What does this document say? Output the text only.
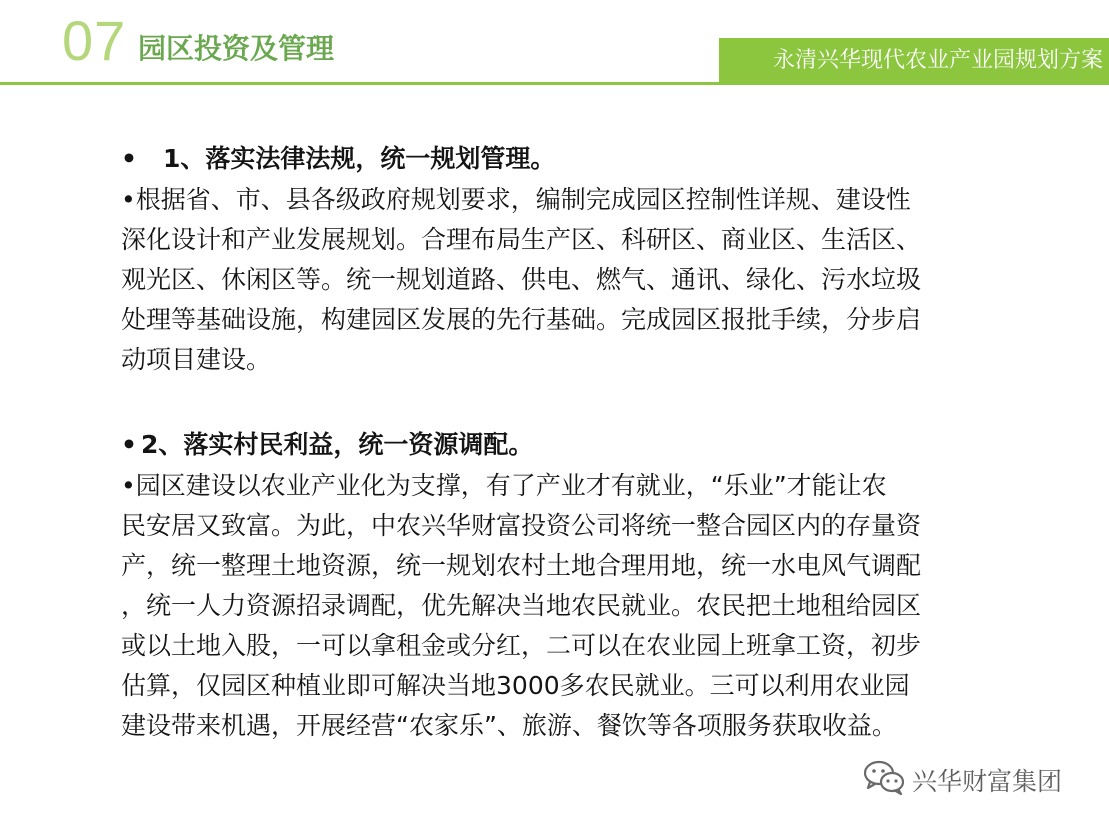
07 园区投资及管理	永清兴华现代农业产业园规划方案

• 1、落实法律法规，统一规划管理。

•根据省、市、县各级政府规划要求，编制完成园区控制性详规、建设性
深化设计和产业发展规划。合理布局生产区、科研区、商业区、生活区、
观光区、休闲区等。统一规划道路、供电、燃气、通讯、绿化、污水垃圾
处理等基础设施，构建园区发展的先行基础。完成园区报批手续，分步启
动项目建设。

• 2、落实村民利益，统一资源调配。

•园区建设以农业产业化为支撑，有了产业才有就业，“乐业”才能让农
民安居又致富。为此，中农兴华财富投资公司将统一整合园区内的存量资
产，统一整理土地资源，统一规划农村土地合理用地，统一水电风气调配
，统一人力资源招录调配，优先解决当地农民就业。农民把土地租给园区
或以土地入股，一可以拿租金或分红，二可以在农业园上班拿工资，初步
估算，仅园区种植业即可解决当地3000多农民就业。三可以利用农业园
建设带来机遇，开展经营“农家乐”、旅游、餐饮等各项服务获取收益。

兴华财富集团
